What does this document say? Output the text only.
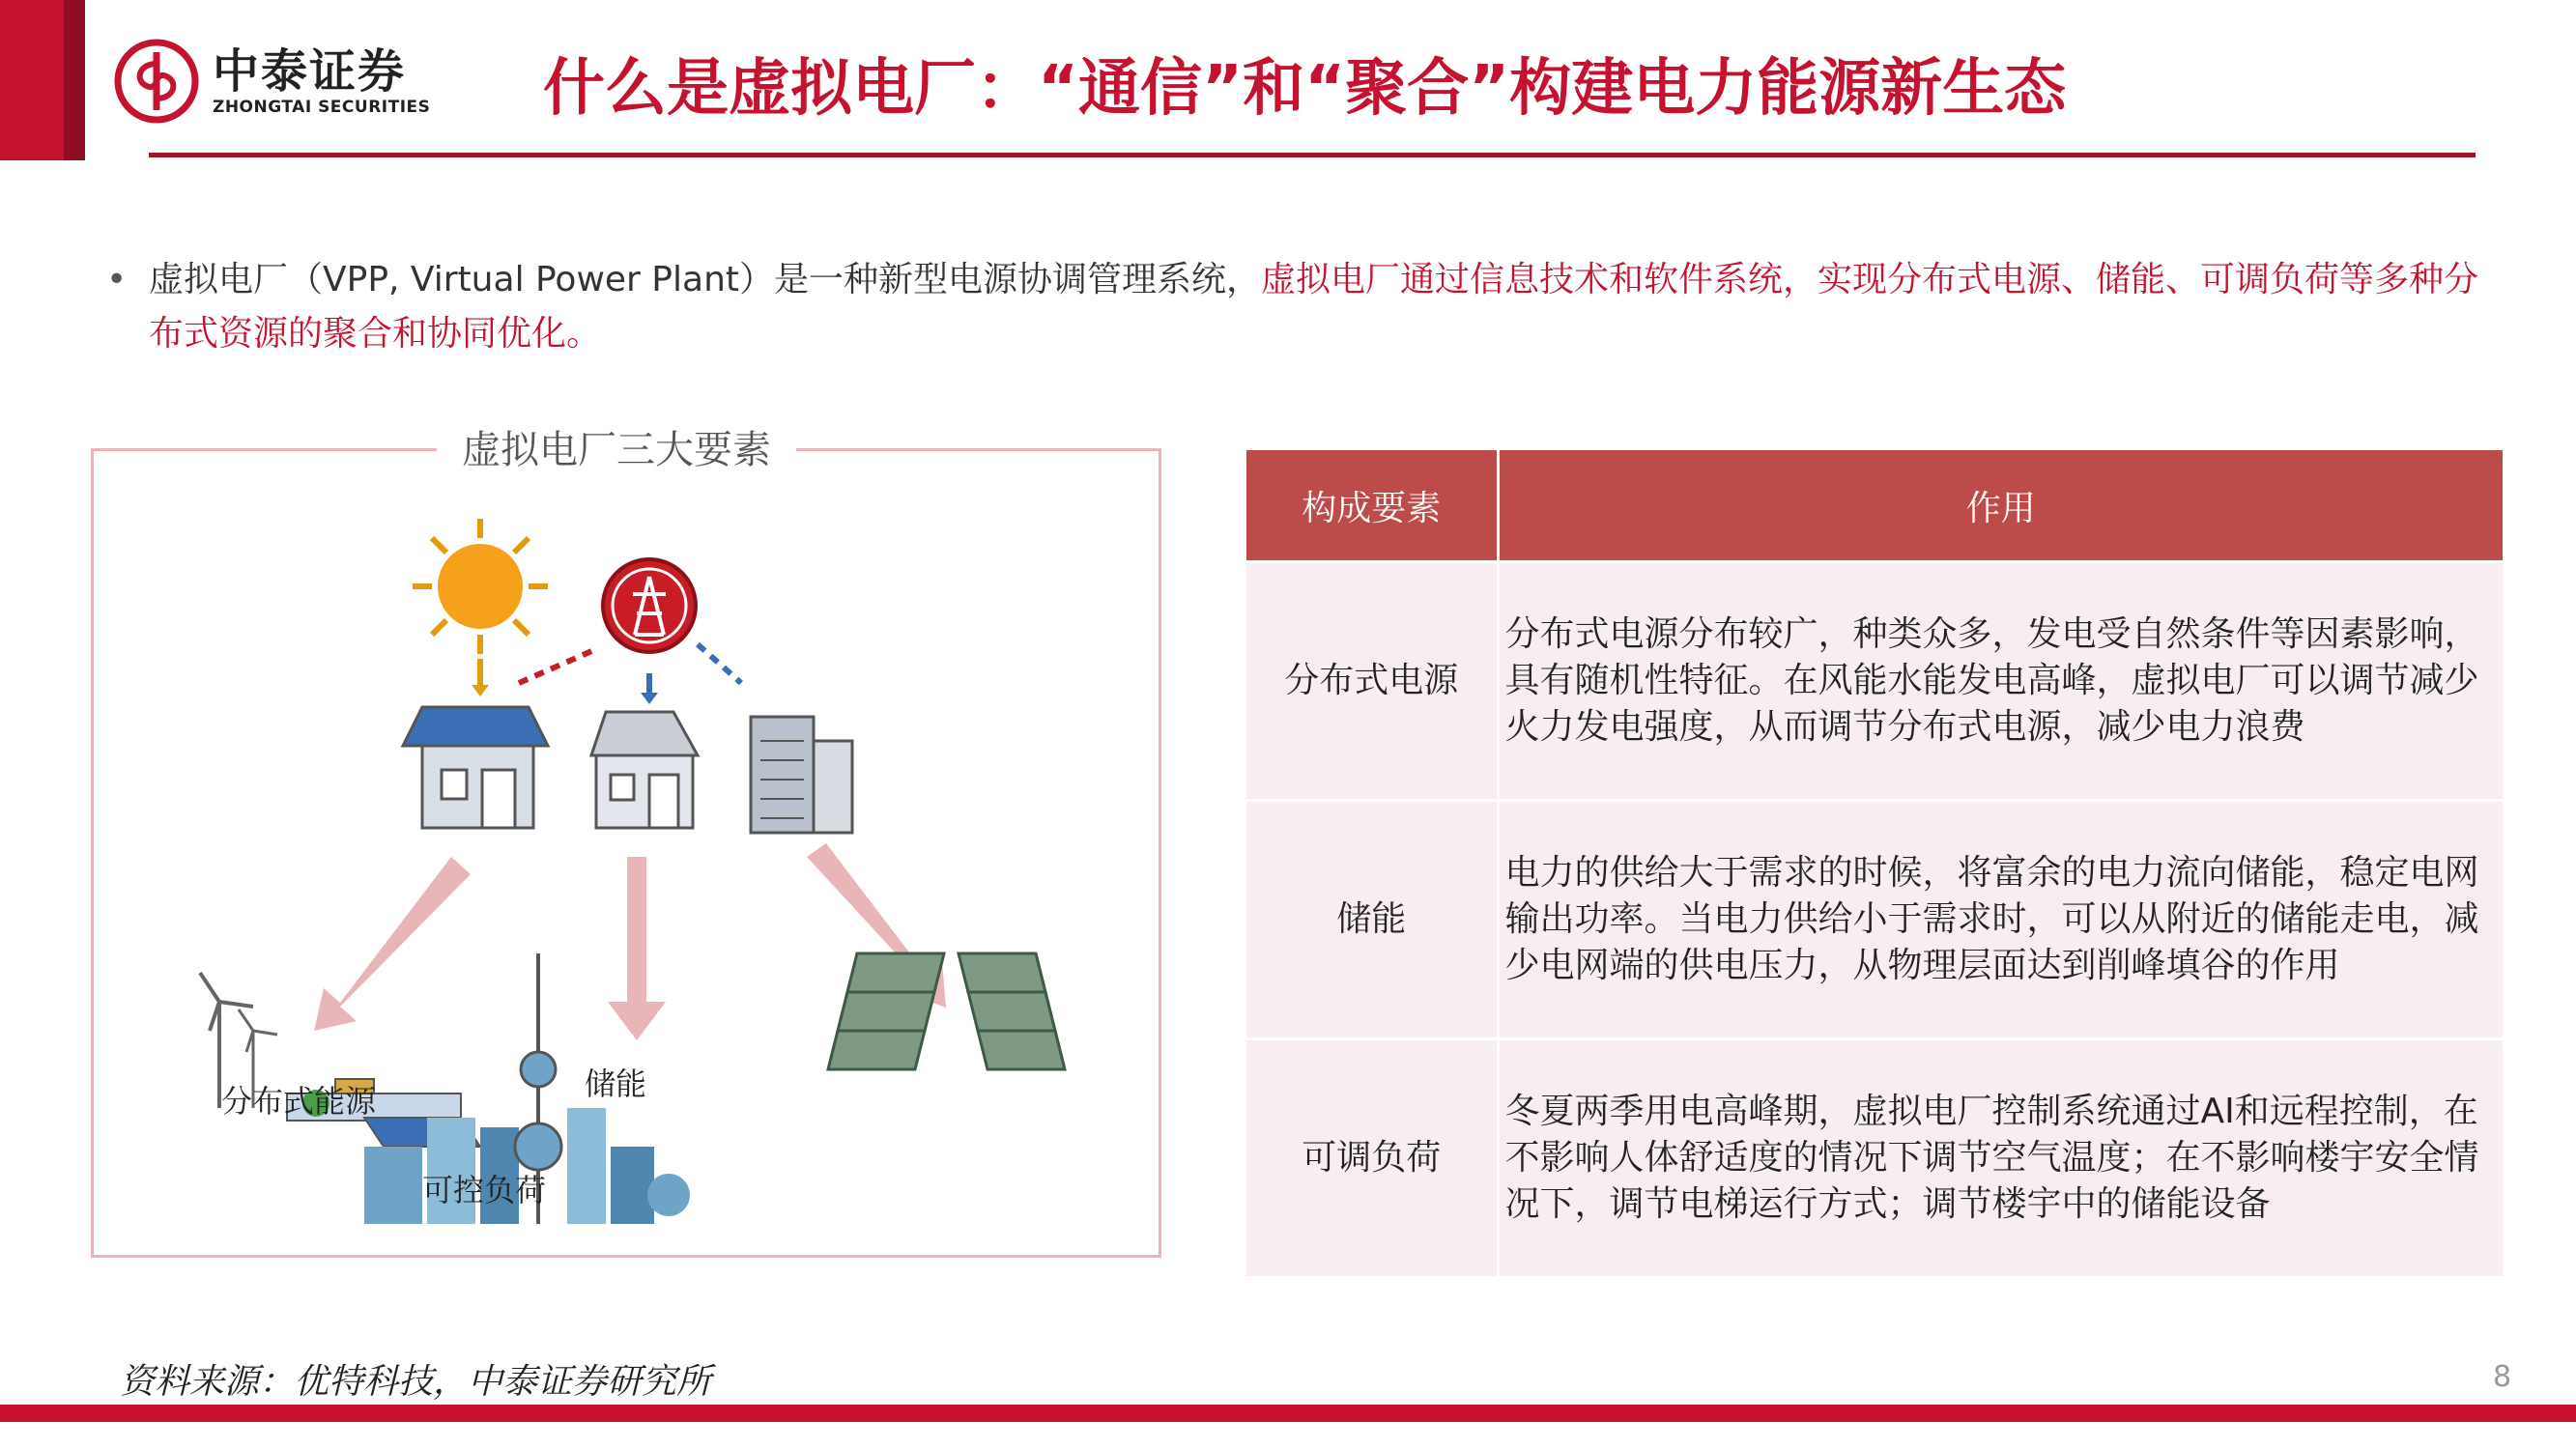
中泰证券
ZHONGTAI SECURITIES 什么是虚拟电厂：“通信”和“聚合”构建电力能源新生态
• 虚拟电厂（VPP, Virtual Power Plant）是一种新型电源协调管理系统，虚拟电厂通过信息技术和软件系统，实现分布式电源、储能、可调负荷等多种分布式资源的聚合和协同优化。
分布式能源	储能
可控负荷
虚拟电厂三大要素
构成要素	作用
分布式电源	分布式电源分布较广，种类众多，发电受自然条件等因素影响，具有随机性特征。在风能水能发电高峰，虚拟电厂可以调节减少火力发电强度，从而调节分布式电源，减少电力浪费
储能	电力的供给大于需求的时候，将富余的电力流向储能，稳定电网输出功率。当电力供给小于需求时，可以从附近的储能走电，减少电网端的供电压力，从物理层面达到削峰填谷的作用
可调负荷	冬夏两季用电高峰期，虚拟电厂控制系统通过AI和远程控制，在不影响人体舒适度的情况下调节空气温度；在不影响楼宇安全情况下，调节电梯运行方式；调节楼宇中的储能设备
资料来源：优特科技，中泰证券研究所	8
